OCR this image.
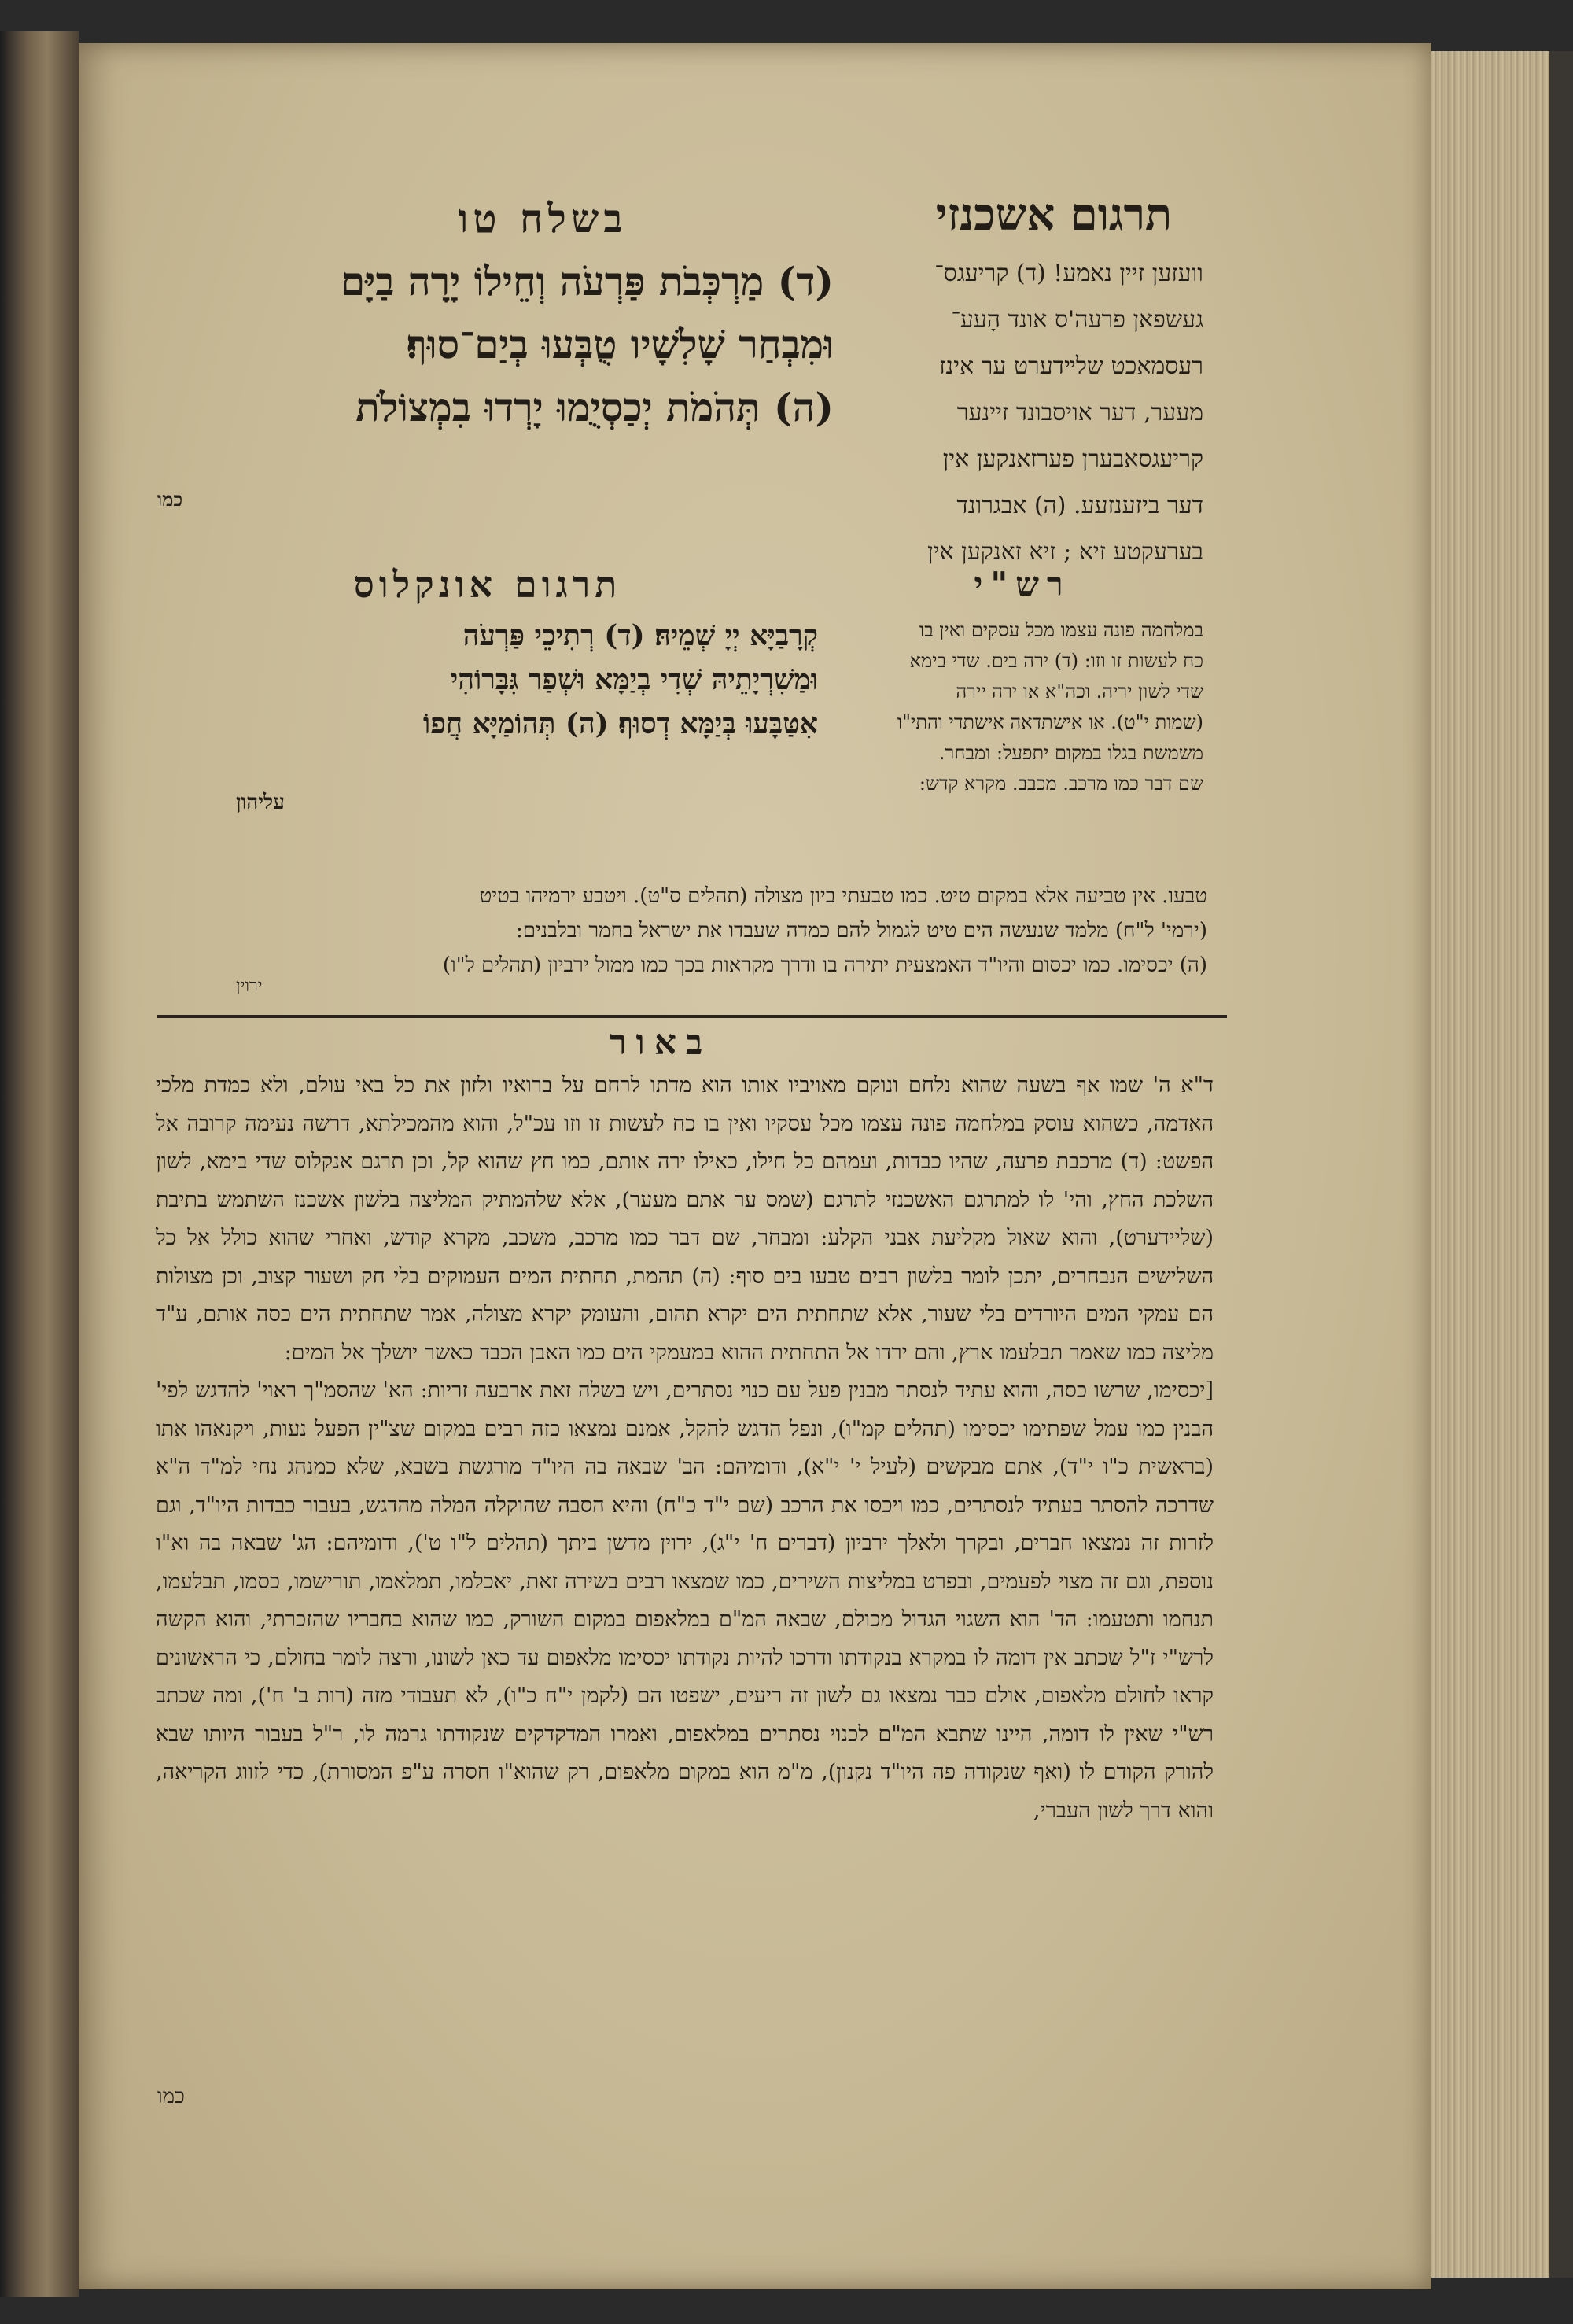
בשלח טו	תרגום אשכנזי
וועזען זיין נאמע! (ד) קריעגס־
געשפאן פרעה'ס אונד הָעע־
רעסמאכט שלײדערט ער אינז
מעער, דער אויסבונד זיינער
קריעגסאבערן פערזאנקען אין
דער ביזענזעע. (ה) אבגרונד
בערעקטע זיא ; זיא זאנקען אין
(ד) מַרְכְּבֹת פַּרְעֹה וְחֵילוֹ יָרָה בַיָּם
וּמִבְחַר שָׁלִשָׁיו טֻבְּעוּ בְיַם־סוּף׃
(ה) תְּהֹמֹת יְכַסְיֻמוּ יָרְדוּ בִמְצוֹלֹת
כמו
תרגום אונקלוס
קְרָבַיָּא יְיָ שְׁמֵיהּ׃ (ד) רְתִיכֵי פַּרְעֹה
וּמַשִׁרְיָתֵיהּ שְׁדִי בְיַמָּא וּשְׁפַר גִּבָּרוֹהִי
אִטַּבָּעוּ בְּיַמָּא דְסוּף׃ (ה) תְּהוֹמַיָּא חֲפוֹ
עליהון
רש"י
במלחמה פונה עצמו מכל עסקים ואין בו
כח לעשות זו וזו: (ד) ירה בים. שדי בימא
שדי לשון יריה. וכה"א או ירה יירה
(שמות י"ט). או אישתדאה אישתדי והתי"ו
משמשת בגלו במקום יתפעל: ומבחר.
שם דבר כמו מרכב. מכבב. מקרא קדש:
טבעו. אין טביעה אלא במקום טיט. כמו טבעתי ביון מצולה (תהלים ס"ט). ויטבע ירמיהו בטיט
(ירמי' ל"ח) מלמד שנעשה הים טיט לגמול להם כמדה שעבדו את ישראל בחמר ובלבנים:
(ה) יכסימו. כמו יכסום והיו"ד האמצעית יתירה בו ודרך מקראות בכך כמו ממול ירביון (תהלים ל"ו)
ירוין
באור

ד"א ה' שמו אף בשעה שהוא נלחם ונוקם מאויביו אותו הוא מדתו לרחם על ברואיו ולזון את כל באי עולם, ולא כמדת מלכי האדמה, כשהוא עוסק במלחמה פונה עצמו מכל עסקיו ואין בו כח לעשות זו וזו עכ"ל, והוא מהמכילתא, דרשה נעימה קרובה אל הפשט: (ד) מרכבת פרעה, שהיו כבדות, ועמהם כל חילו, כאילו ירה אותם, כמו חץ שהוא קל, וכן תרגם אנקלוס שדי בימא, לשון השלכת החץ, והי' לו למתרגם האשכנזי לתרגם (שמס ער אתם מעער), אלא שלהמתיק המליצה בלשון אשכנז השתמש בתיבת (שליידערט), והוא שאול מקליעת אבני הקלע: ומבחר, שם דבר כמו מרכב, משכב, מקרא קודש, ואחרי שהוא כולל אל כל השלישים הנבחרים, יתכן לומר בלשון רבים טבעו בים סוף: (ה) תהמת, תחתית המים העמוקים בלי חק ושעור קצוב, וכן מצולות הם עמקי המים היורדים בלי שעור, אלא שתחתית הים יקרא תהום, והעומק יקרא מצולה, אמר שתחתית הים כסה אותם, ע"ד מליצה כמו שאמר תבלעמו ארץ, והם ירדו אל התחתית ההוא במעמקי הים כמו האבן הכבד כאשר יושלך אל המים:

[יכסימו, שרשו כסה, והוא עתיד לנסתר מבנין פעל עם כנוי נסתרים, ויש בשלה זאת ארבעה זריות: הא' שהסמ"ך ראוי' להדגש לפי' הבנין כמו עמל שפתימו יכסימו (תהלים קמ"ו), ונפל הדגש להקל, אמנם נמצאו כזה רבים במקום שצ"ין הפעל נעות, ויקנאהו אתו (בראשית כ"ו י"ד), אתם מבקשים (לעיל י' י"א), ודומיהם: הב' שבאה בה היו"ד מורגשת בשבא, שלא כמנהג נחי למ"ד ה"א שדרכה להסתר בעתיד לנסתרים, כמו ויכסו את הרכב (שם י"ד כ"ח) והיא הסבה שהוקלה המלה מהדגש, בעבור כבדות היו"ד, וגם לזרות זה נמצאו חברים, ובקרך ולאלך ירביון (דברים ח' י"ג), ירוין מדשן ביתך (תהלים ל"ו ט'), ודומיהם: הג' שבאה בה וא"ו נוספת, וגם זה מצוי לפעמים, ובפרט במליצות השירים, כמו שמצאו רבים בשירה זאת, יאכלמו, תמלאמו, תורישמו, כסמו, תבלעמו, תנחמו ותטעמו: הד' הוא השגוי הגדול מכולם, שבאה המ"ם במלאפום במקום השורק, כמו שהוא בחבריו שהזכרתי, והוא הקשה לרש"י ז"ל שכתב אין דומה לו במקרא בנקודתו ודרכו להיות נקודתו יכסימו מלאפום עד כאן לשונו, ורצה לומר בחולם, כי הראשונים קראו לחולם מלאפום, אולם כבר נמצאו גם לשון זה ריעים, ישפטו הם (לקמן י"ח כ"ו), לא תעבודי מזה (רות ב' ח'), ומה שכתב רש"י שאין לו דומה, היינו שתבא המ"ם לכנוי נסתרים במלאפום, ואמרו המדקדקים שנקודתו גרמה לו, ר"ל בעבור היותו שבא להורק הקודם לו (ואף שנקודה פה היו"ד נקנון), מ"מ הוא במקום מלאפום, רק שהוא"ו חסרה ע"פ המסורת), כדי לזווג הקריאה, והוא דרך לשון העברי,

כמו
